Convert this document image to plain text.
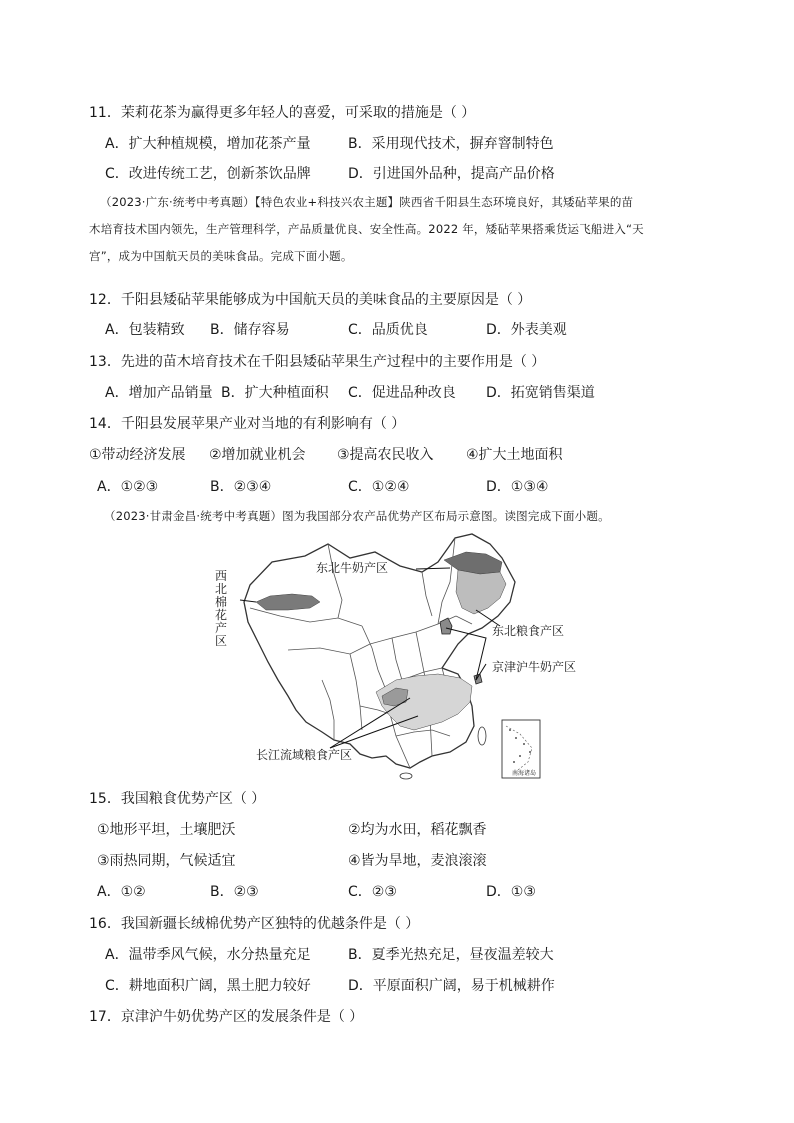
11．茉莉花茶为赢得更多年轻人的喜爱，可采取的措施是（ ）
A．扩大种植规模，增加花茶产量	B．采用现代技术，摒弃窨制特色
C．改进传统工艺，创新茶饮品牌	D．引进国外品种，提高产品价格
（2023·广东·统考中考真题）【特色农业+科技兴农主题】陕西省千阳县生态环境良好，其矮砧苹果的苗
木培育技术国内领先，生产管理科学，产品质量优良、安全性高。2022 年，矮砧苹果搭乘货运飞船进入“天
宫”，成为中国航天员的美味食品。完成下面小题。
12．千阳县矮砧苹果能够成为中国航天员的美味食品的主要原因是（ ）
A．包装精致 B．储存容易	C．品质优良	D．外表美观
13．先进的苗木培育技术在千阳县矮砧苹果生产过程中的主要作用是（ ）
A．增加产品销量 B．扩大种植面积 C．促进品种改良 D．拓宽销售渠道
14．千阳县发展苹果产业对当地的有利影响有（ ）
①带动经济发展 ②增加就业机会 ③提高农民收入 ④扩大土地面积
A．①②③	B．②③④	C．①②④	D．①③④
（2023·甘肃金昌·统考中考真题）图为我国部分农产品优势产区布局示意图。读图完成下面小题。
东北牛奶产区
西北棉花产区
东北粮食产区
京津沪牛奶产区
长江流域粮食产区
南海诸岛
15．我国粮食优势产区（ ）
①地形平坦，土壤肥沃	②均为水田，稻花飘香
③雨热同期，气候适宜	④皆为旱地，麦浪滚滚
A．①②	B．②③	C．②③	D．①③
16．我国新疆长绒棉优势产区独特的优越条件是（ ）
A．温带季风气候，水分热量充足	B．夏季光热充足，昼夜温差较大
C．耕地面积广阔，黑土肥力较好	D．平原面积广阔，易于机械耕作
17．京津沪牛奶优势产区的发展条件是（ ）
